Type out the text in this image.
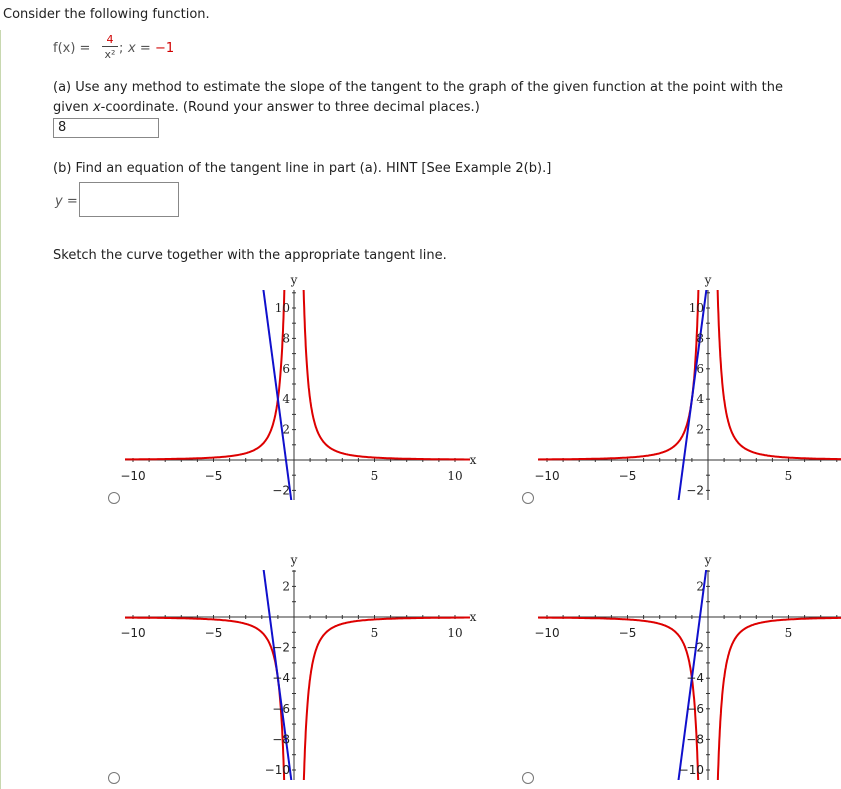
Consider the following function.
f(x) =
4
x² ; x = −1
(a) Use any method to estimate the slope of the tangent to the graph of the given function at the point with the
given x-coordinate. (Round your answer to three decimal places.)
8
(b) Find an equation of the tangent line in part (a). HINT [See Example 2(b).]
y =
Sketch the curve together with the appropriate tangent line.
−10	−5	5	10
10
8
6
4
2
−2
y
x
−10	−5	5
10
8
6
4
2
−2
y
−10	−5	5	10
2
−2
−4
−6
−8
−10
y
x
−10	−5	5
2
−2
−4
−6
−8
−10
y
